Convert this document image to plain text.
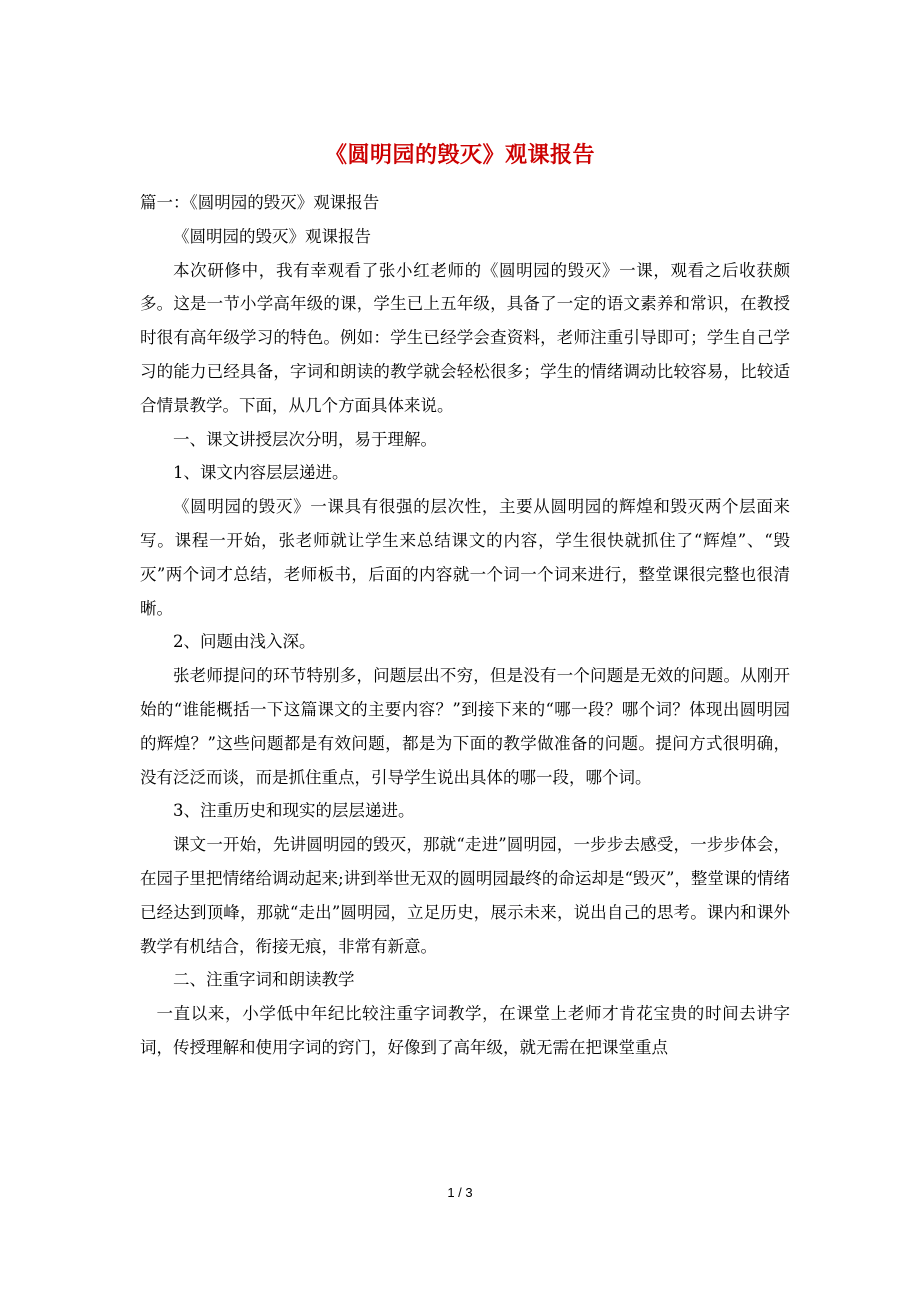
《圆明园的毁灭》观课报告

篇一：《圆明园的毁灭》观课报告

《圆明园的毁灭》观课报告

本次研修中，我有幸观看了张小红老师的《圆明园的毁灭》一课，观看之后收获颇多。这是一节小学高年级的课，学生已上五年级，具备了一定的语文素养和常识，在教授时很有高年级学习的特色。例如：学生已经学会查资料，老师注重引导即可；学生自己学习的能力已经具备，字词和朗读的教学就会轻松很多；学生的情绪调动比较容易，比较适合情景教学。下面，从几个方面具体来说。

一、课文讲授层次分明，易于理解。

1、课文内容层层递进。

《圆明园的毁灭》一课具有很强的层次性，主要从圆明园的辉煌和毁灭两个层面来写。课程一开始，张老师就让学生来总结课文的内容，学生很快就抓住了“辉煌”、“毁灭”两个词才总结，老师板书，后面的内容就一个词一个词来进行，整堂课很完整也很清晰。

2、问题由浅入深。

张老师提问的环节特别多，问题层出不穷，但是没有一个问题是无效的问题。从刚开始的“谁能概括一下这篇课文的主要内容？”到接下来的“哪一段？哪个词？体现出圆明园的辉煌？”这些问题都是有效问题，都是为下面的教学做准备的问题。提问方式很明确，没有泛泛而谈，而是抓住重点，引导学生说出具体的哪一段，哪个词。

3、注重历史和现实的层层递进。

课文一开始，先讲圆明园的毁灭，那就“走进”圆明园，一步步去感受，一步步体会，在园子里把情绪给调动起来;讲到举世无双的圆明园最终的命运却是“毁灭”，整堂课的情绪已经达到顶峰，那就“走出”圆明园，立足历史，展示未来，说出自己的思考。课内和课外教学有机结合，衔接无痕，非常有新意。

二、注重字词和朗读教学

一直以来，小学低中年纪比较注重字词教学，在课堂上老师才肯花宝贵的时间去讲字词，传授理解和使用字词的窍门，好像到了高年级，就无需在把课堂重点

1 / 3
